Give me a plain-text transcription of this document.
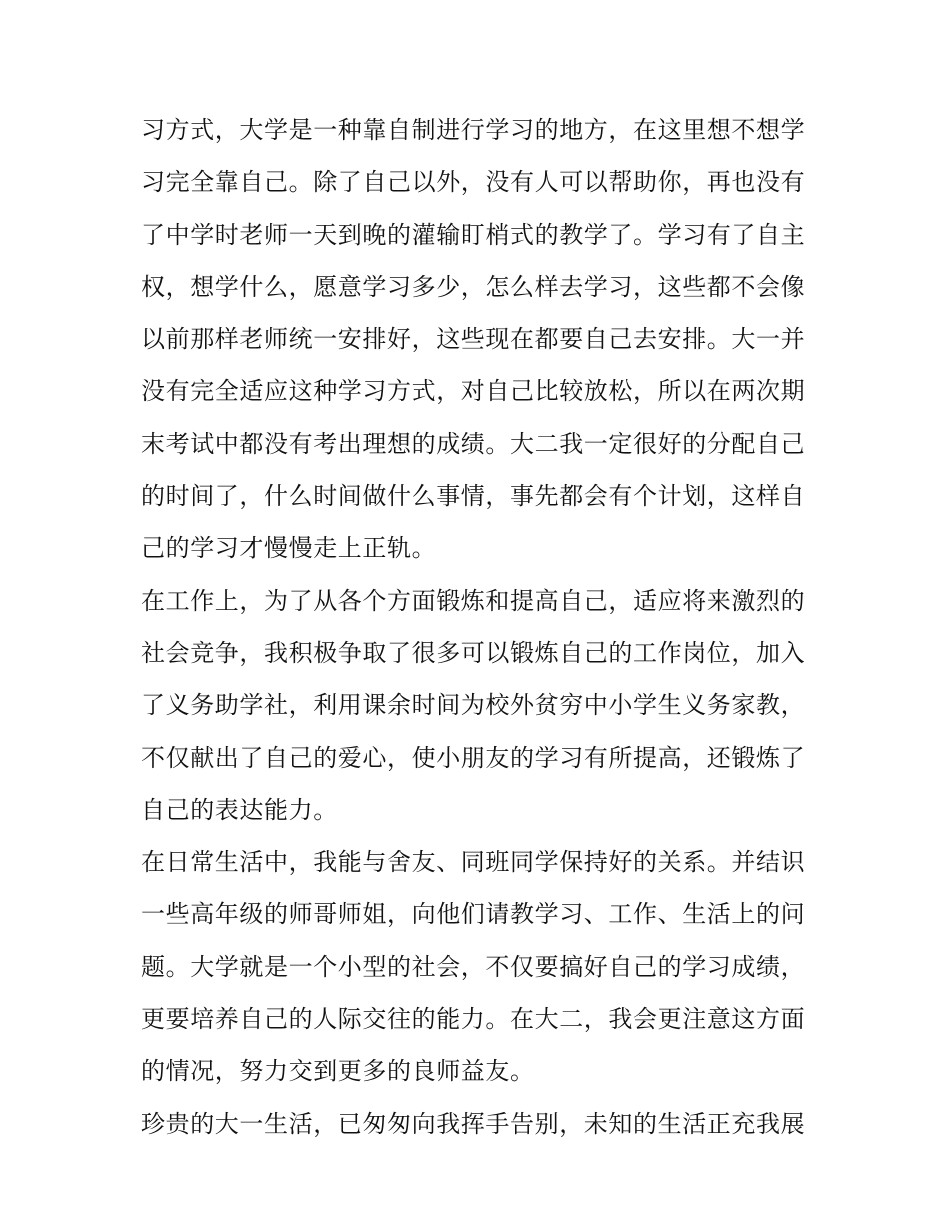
习方式，大学是一种靠自制进行学习的地方，在这里想不想学
习完全靠自己。除了自己以外，没有人可以帮助你，再也没有
了中学时老师一天到晚的灌输盯梢式的教学了。学习有了自主
权，想学什么，愿意学习多少，怎么样去学习，这些都不会像
以前那样老师统一安排好，这些现在都要自己去安排。大一并
没有完全适应这种学习方式，对自己比较放松，所以在两次期
末考试中都没有考出理想的成绩。大二我一定很好的分配自己
的时间了，什么时间做什么事情，事先都会有个计划，这样自
己的学习才慢慢走上正轨。
在工作上，为了从各个方面锻炼和提高自己，适应将来激烈的
社会竞争，我积极争取了很多可以锻炼自己的工作岗位，加入
了义务助学社，利用课余时间为校外贫穷中小学生义务家教，
不仅献出了自己的爱心，使小朋友的学习有所提高，还锻炼了
自己的表达能力。
在日常生活中，我能与舍友、同班同学保持好的关系。并结识
一些高年级的师哥师姐，向他们请教学习、工作、生活上的问
题。大学就是一个小型的社会，不仅要搞好自己的学习成绩，
更要培养自己的人际交往的能力。在大二，我会更注意这方面
的情况，努力交到更多的良师益友。
珍贵的大一生活，已匆匆向我挥手告别，未知的生活正充我展
